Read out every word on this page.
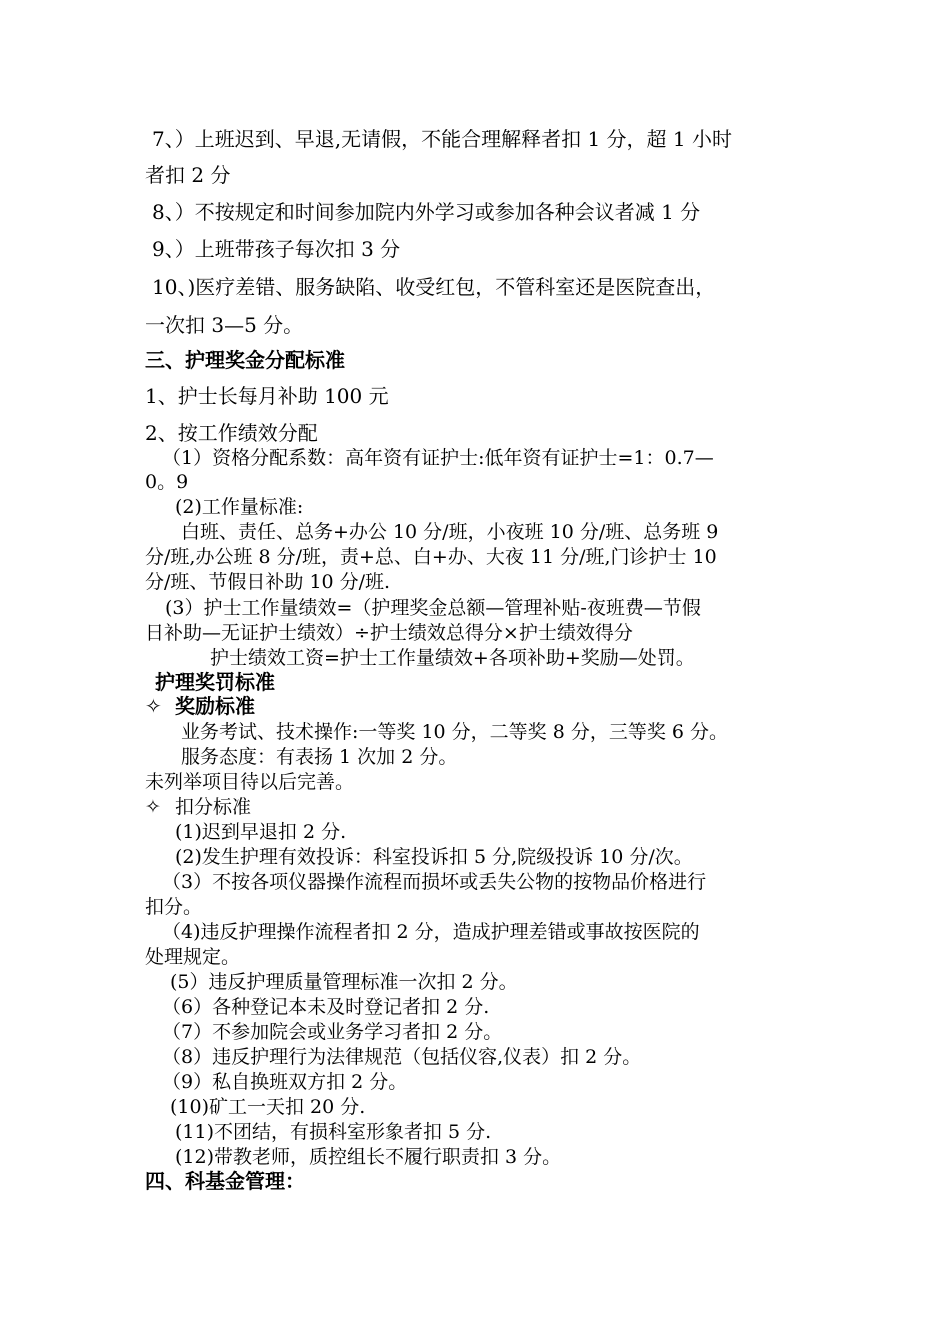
7、）上班迟到、早退,无请假，不能合理解释者扣 1 分，超 1 小时
者扣 2 分
8、）不按规定和时间参加院内外学习或参加各种会议者减 1 分
9、）上班带孩子每次扣 3 分
10、)医疗差错、服务缺陷、收受红包，不管科室还是医院查出，
一次扣 3—5 分。
三、护理奖金分配标准
1、护士长每月补助 100 元
2、按工作绩效分配
（1）资格分配系数：高年资有证护士:低年资有证护士=1：0.7—
0。9
(2)工作量标准:
白班、责任、总务+办公 10 分/班，小夜班 10 分/班、总务班 9
分/班,办公班 8 分/班，责+总、白+办、大夜 11 分/班,门诊护士 10
分/班、节假日补助 10 分/班.
(3）护士工作量绩效=（护理奖金总额—管理补贴-夜班费—节假
日补助—无证护士绩效）÷护士绩效总得分×护士绩效得分
护士绩效工资=护士工作量绩效+各项补助+奖励—处罚。
护理奖罚标准
✧ 奖励标准
业务考试、技术操作:一等奖 10 分，二等奖 8 分，三等奖 6 分。
服务态度：有表扬 1 次加 2 分。
未列举项目待以后完善。
✧ 扣分标准
(1)迟到早退扣 2 分.
(2)发生护理有效投诉：科室投诉扣 5 分,院级投诉 10 分/次。
（3）不按各项仪器操作流程而损坏或丢失公物的按物品价格进行
扣分。
（4)违反护理操作流程者扣 2 分，造成护理差错或事故按医院的
处理规定。
(5）违反护理质量管理标准一次扣 2 分。
（6）各种登记本未及时登记者扣 2 分.
（7）不参加院会或业务学习者扣 2 分。
（8）违反护理行为法律规范（包括仪容,仪表）扣 2 分。
（9）私自换班双方扣 2 分。
(10)矿工一天扣 20 分.
(11)不团结，有损科室形象者扣 5 分.
(12)带教老师，质控组长不履行职责扣 3 分。
四、科基金管理：
